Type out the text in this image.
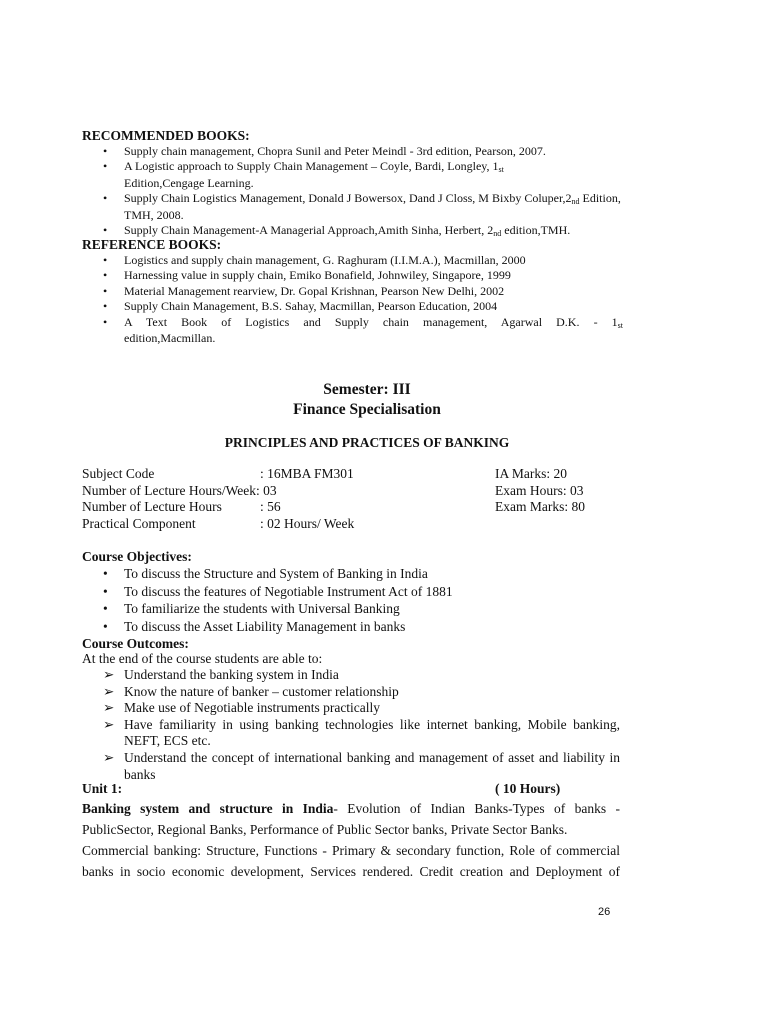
RECOMMENDED BOOKS:
•	Supply chain management, Chopra Sunil and Peter Meindl - 3rd edition, Pearson, 2007.
•	A Logistic approach to Supply Chain Management – Coyle, Bardi, Longley, $1_{st}$
Edition,Cengage Learning.
•	Supply Chain Logistics Management, Donald J Bowersox, Dand J Closs, M Bixby $Coluper,2_{nd}$ Edition, TMH, 2008.
•	Supply Chain Management-A Managerial Approach,Amith Sinha, Herbert, $2_{nd}$ edition,TMH.
REFERENCE BOOKS:
•	Logistics and supply chain management, G. Raghuram (I.I.M.A.), Macmillan, 2000
•	Harnessing value in supply chain, Emiko Bonafield, Johnwiley, Singapore, 1999
•	Material Management rearview, Dr. Gopal Krishnan, Pearson New Delhi, 2002
•	Supply Chain Management, B.S. Sahay, Macmillan, Pearson Education, 2004
•	A Text Book of Logistics and Supply chain management, Agarwal D.K. - $1_{st}$
edition,Macmillan.
Semester: III
Finance Specialisation
PRINCIPLES AND PRACTICES OF BANKING
Subject Code	: 16MBA FM301	IA Marks: 20
Number of Lecture Hours/Week: 03	Exam Hours: 03
Number of Lecture Hours	: 56	Exam Marks: 80
Practical Component	: 02 Hours/ Week
Course Objectives:
•	To discuss the Structure and System of Banking in India
•	To discuss the features of Negotiable Instrument Act of 1881
•	To familiarize the students with Universal Banking
•	To discuss the Asset Liability Management in banks
Course Outcomes:
At the end of the course students are able to:
➢ Understand the banking system in India
➢ Know the nature of banker – customer relationship
➢ Make use of Negotiable instruments practically
➢ Have familiarity in using banking technologies like internet banking, Mobile banking, NEFT, ECS etc.
➢ Understand the concept of international banking and management of asset and liability in banks
Unit 1:	( 10 Hours)

Banking system and structure in India- Evolution of Indian Banks-Types of banks - PublicSector, Regional Banks, Performance of Public Sector banks, Private Sector Banks.

Commercial banking: Structure, Functions - Primary & secondary function, Role of commercial banks in socio economic development, Services rendered. Credit creation and Deployment of

26
